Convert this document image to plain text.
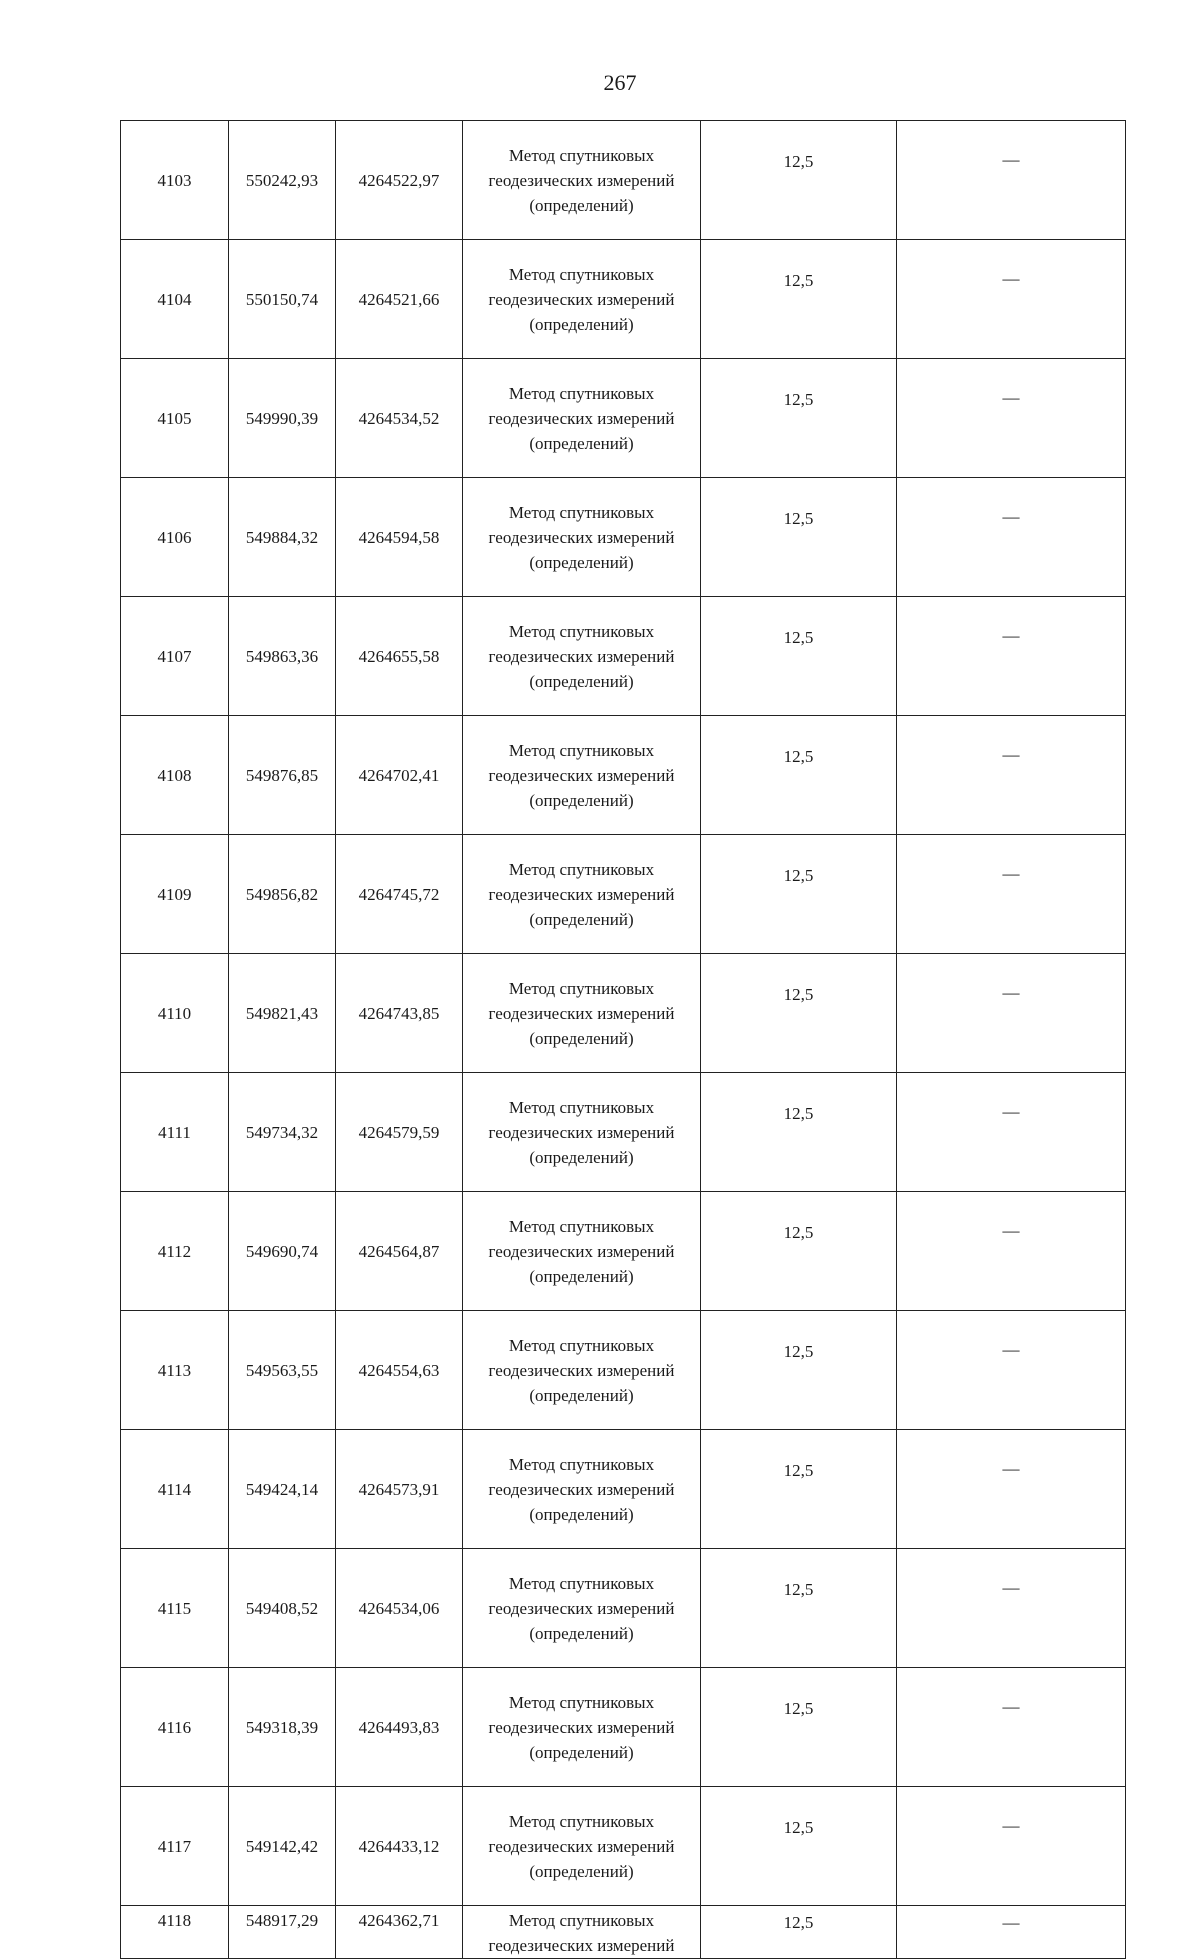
267
4103	550242,93	4264522,97	Метод спутниковых
геодезических измерений
(определений)	12,5	—
4104	550150,74	4264521,66	Метод спутниковых
геодезических измерений
(определений)	12,5	—
4105	549990,39	4264534,52	Метод спутниковых
геодезических измерений
(определений)	12,5	—
4106	549884,32	4264594,58	Метод спутниковых
геодезических измерений
(определений)	12,5	—
4107	549863,36	4264655,58	Метод спутниковых
геодезических измерений
(определений)	12,5	—
4108	549876,85	4264702,41	Метод спутниковых
геодезических измерений
(определений)	12,5	—
4109	549856,82	4264745,72	Метод спутниковых
геодезических измерений
(определений)	12,5	—
4110	549821,43	4264743,85	Метод спутниковых
геодезических измерений
(определений)	12,5	—
4111	549734,32	4264579,59	Метод спутниковых
геодезических измерений
(определений)	12,5	—
4112	549690,74	4264564,87	Метод спутниковых
геодезических измерений
(определений)	12,5	—
4113	549563,55	4264554,63	Метод спутниковых
геодезических измерений
(определений)	12,5	—
4114	549424,14	4264573,91	Метод спутниковых
геодезических измерений
(определений)	12,5	—
4115	549408,52	4264534,06	Метод спутниковых
геодезических измерений
(определений)	12,5	—
4116	549318,39	4264493,83	Метод спутниковых
геодезических измерений
(определений)	12,5	—
4117	549142,42	4264433,12	Метод спутниковых
геодезических измерений
(определений)	12,5	—
4118	548917,29	4264362,71	Метод спутниковых
геодезических измерений	12,5	—
